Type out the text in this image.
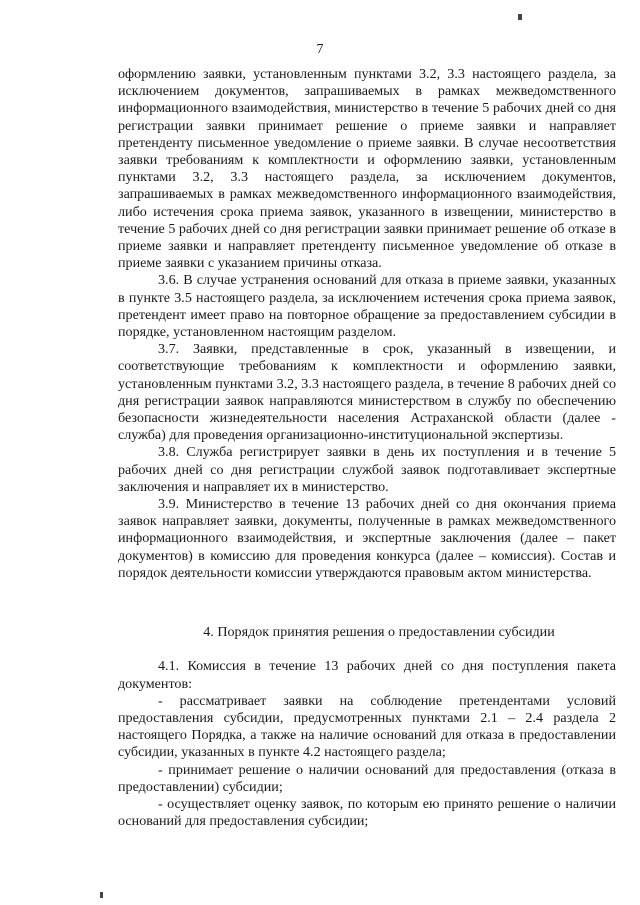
7

оформлению заявки, установленным пунктами 3.2, 3.3 настоящего раздела, за исключением документов, запрашиваемых в рамках межведомственного информационного взаимодействия, министерство в течение 5 рабочих дней со дня регистрации заявки принимает решение о приеме заявки и направляет претенденту письменное уведомление о приеме заявки. В случае несоответствия заявки требованиям к комплектности и оформлению заявки, установленным пунктами 3.2, 3.3 настоящего раздела, за исключением документов, запрашиваемых в рамках межведомственного информационного взаимодействия, либо истечения срока приема заявок, указанного в извещении, министерство в течение 5 рабочих дней со дня регистрации заявки принимает решение об отказе в приеме заявки и направляет претенденту письменное уведомление об отказе в приеме заявки с указанием причины отказа.

3.6. В случае устранения оснований для отказа в приеме заявки, указанных в пункте 3.5 настоящего раздела, за исключением истечения срока приема заявок, претендент имеет право на повторное обращение за предоставлением субсидии в порядке, установленном настоящим разделом.

3.7. Заявки, представленные в срок, указанный в извещении, и соответствующие требованиям к комплектности и оформлению заявки, установленным пунктами 3.2, 3.3 настоящего раздела, в течение 8 рабочих дней со дня регистрации заявок направляются министерством в службу по обеспечению безопасности жизнедеятельности населения Астраханской области (далее - служба) для проведения организационно-институциональной экспертизы.

3.8. Служба регистрирует заявки в день их поступления и в течение 5 рабочих дней со дня регистрации службой заявок подготавливает экспертные заключения и направляет их в министерство.

3.9. Министерство в течение 13 рабочих дней со дня окончания приема заявок направляет заявки, документы, полученные в рамках межведомственного информационного взаимодействия, и экспертные заключения (далее – пакет документов) в комиссию для проведения конкурса (далее – комиссия). Состав и порядок деятельности комиссии утверждаются правовым актом министерства.

4. Порядок принятия решения о предоставлении субсидии

4.1. Комиссия в течение 13 рабочих дней со дня поступления пакета документов:

- рассматривает заявки на соблюдение претендентами условий предоставления субсидии, предусмотренных пунктами 2.1 – 2.4 раздела 2 настоящего Порядка, а также на наличие оснований для отказа в предоставлении субсидии, указанных в пункте 4.2 настоящего раздела;

- принимает решение о наличии оснований для предоставления (отказа в предоставлении) субсидии;

- осуществляет оценку заявок, по которым ею принято решение о наличии оснований для предоставления субсидии;
